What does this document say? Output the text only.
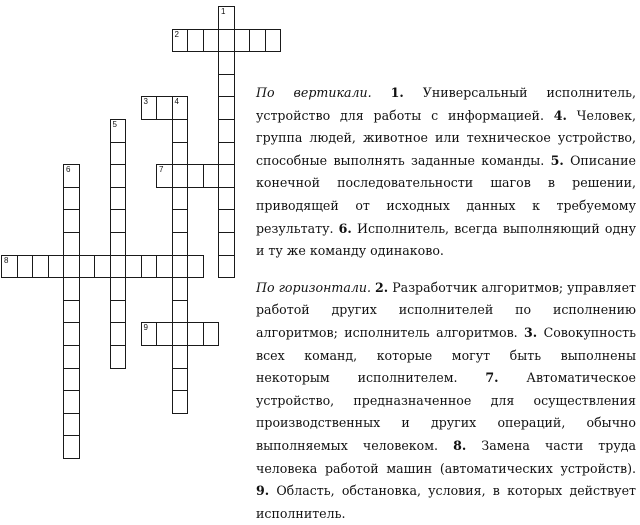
1
2
3	4
5
6	7
8
9

По вертикали. 1. Универсальный исполнитель, устройство для работы с информацией. 4. Человек, группа людей, животное или техническое устройство, способные выполнять заданные команды. 5. Описание конечной последовательности шагов в решении, приводящей от исходных данных к требуемому результату. 6. Исполнитель, всегда выполняющий одну и ту же команду одинаково.

По горизонтали. 2. Разработчик алгоритмов; управляет работой других исполнителей по исполнению алгоритмов; исполнитель алгоритмов. 3. Совокупность всех команд, которые могут быть выполнены некоторым исполнителем. 7. Автоматическое устройство, предназначенное для осуществления производственных и других операций, обычно выполняемых человеком. 8. Замена части труда человека работой машин (автоматических устройств). 9. Область, обстановка, условия, в которых действует исполнитель.
